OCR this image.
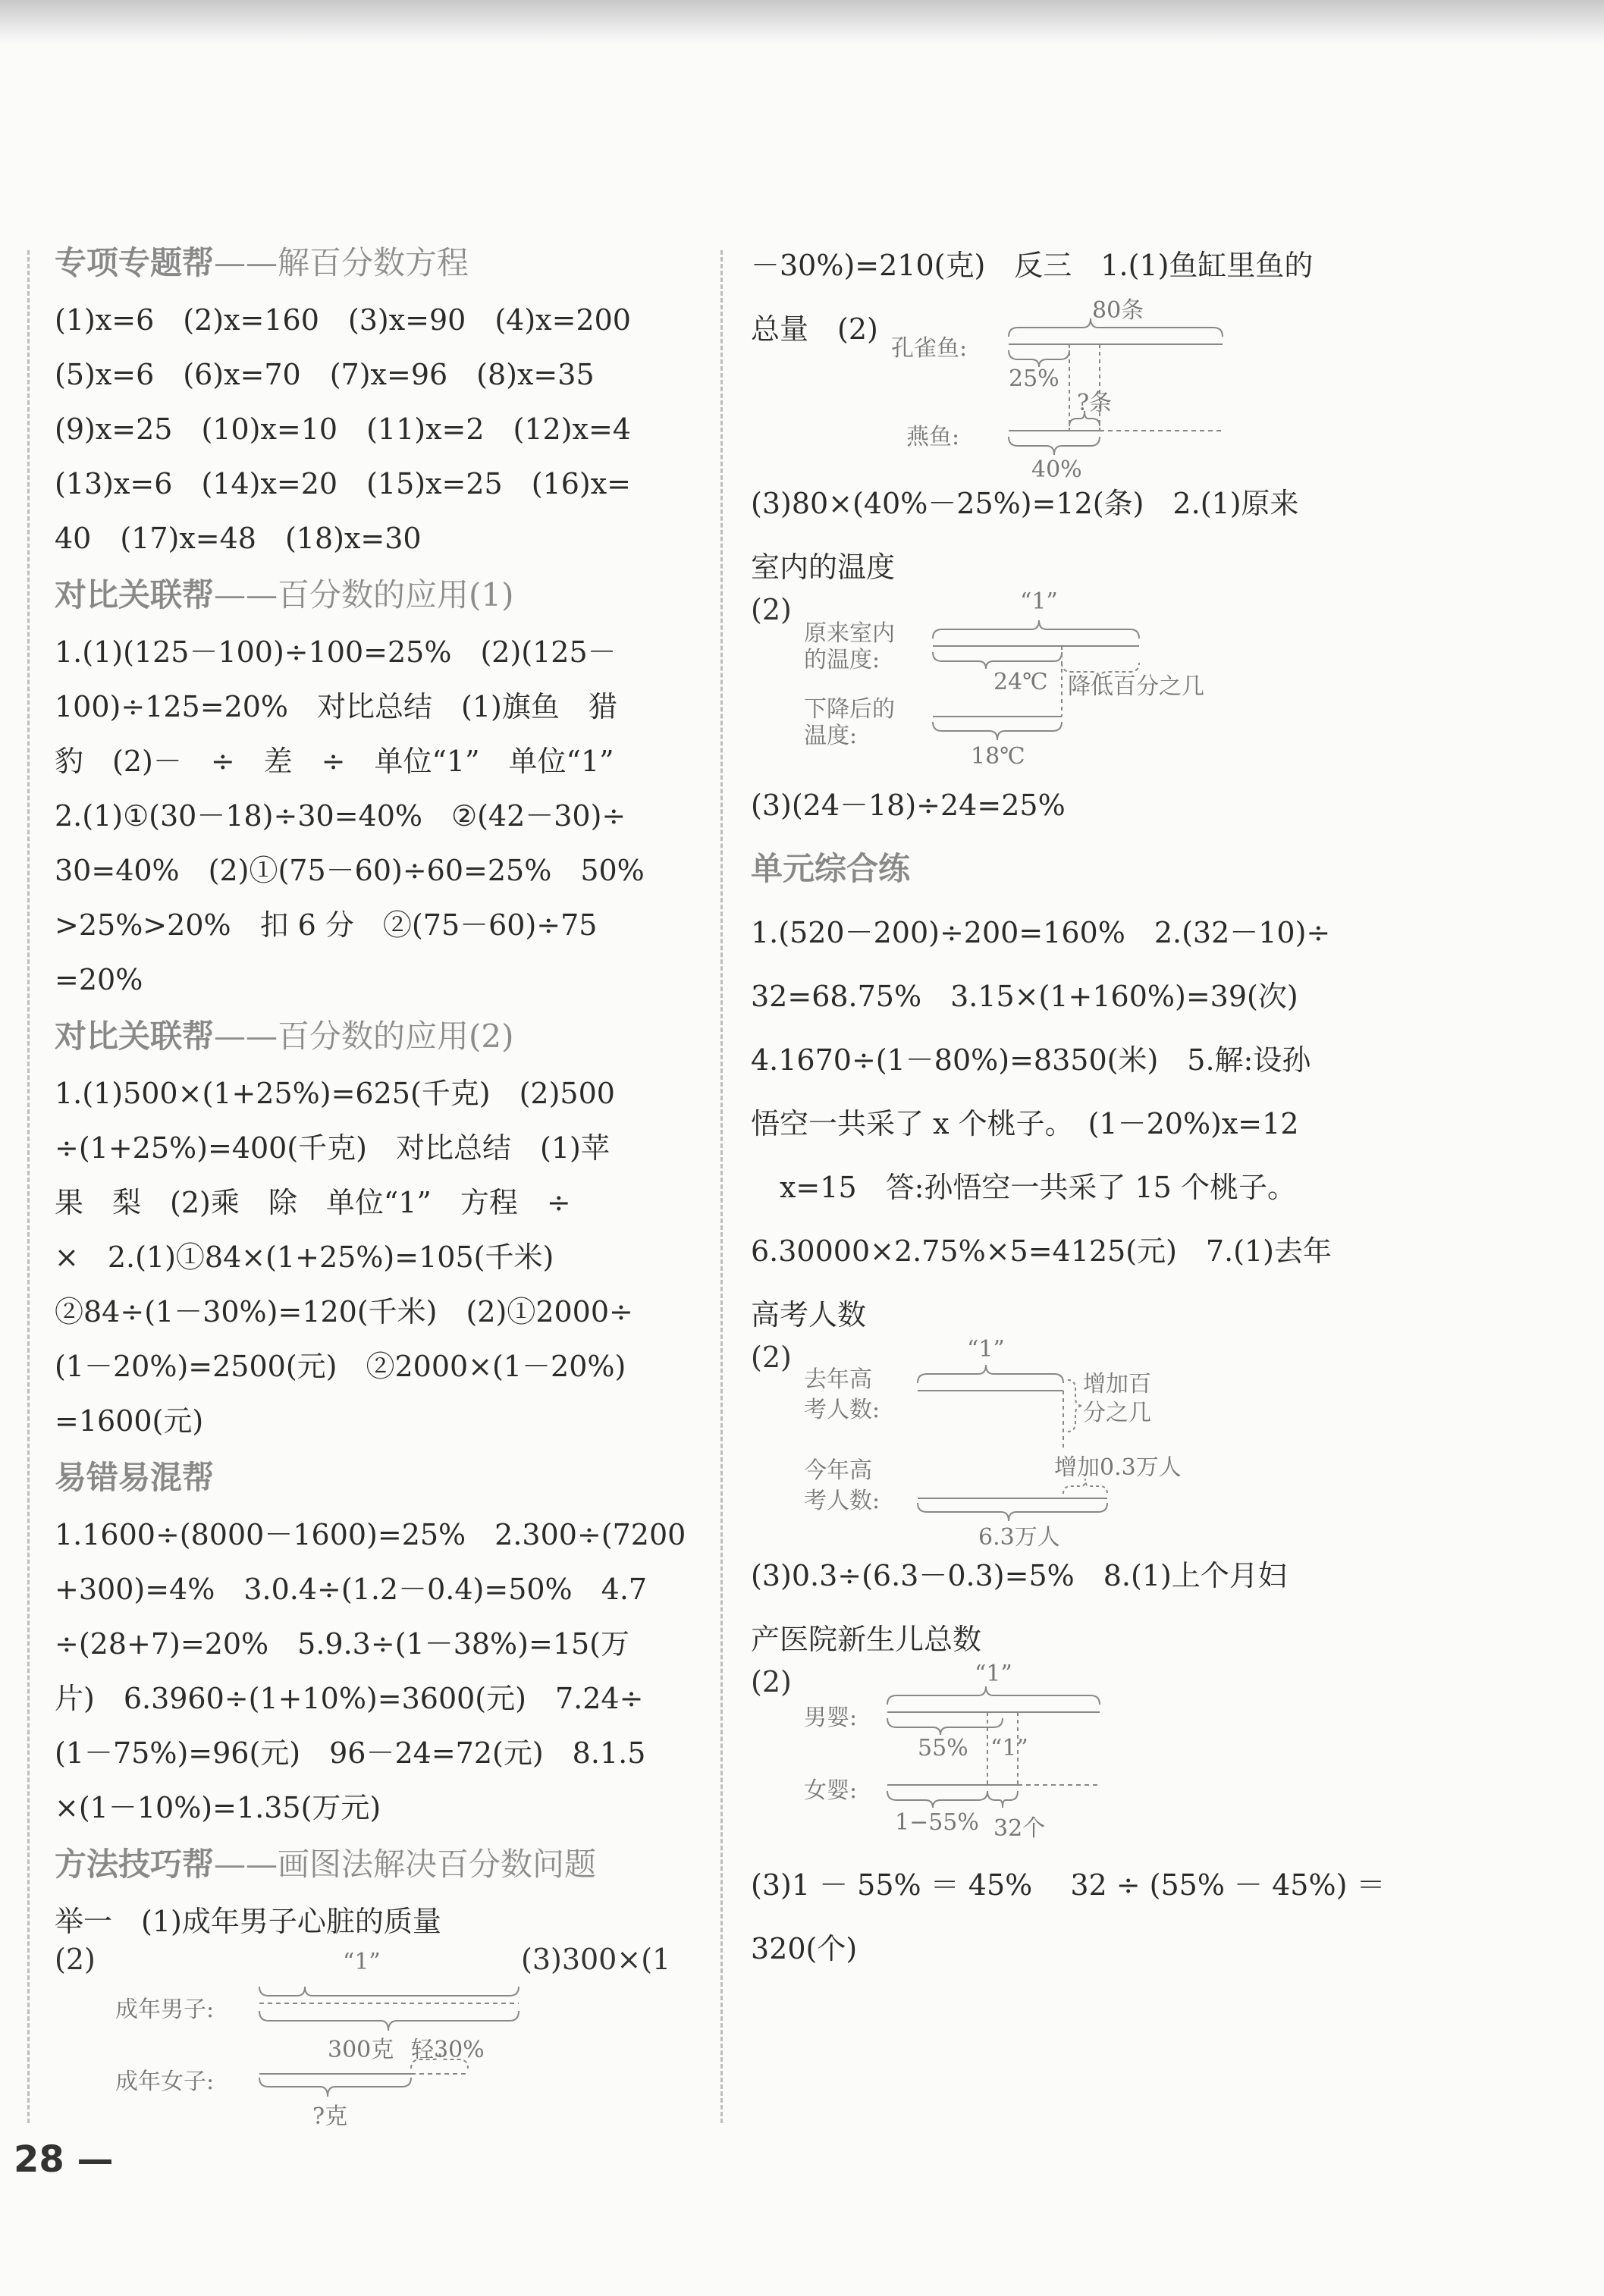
专项专题帮——解百分数方程
(1)x=6　(2)x=160　(3)x=90　(4)x=200
(5)x=6　(6)x=70　(7)x=96　(8)x=35
(9)x=25　(10)x=10　(11)x=2　(12)x=4
(13)x=6　(14)x=20　(15)x=25　(16)x=
40　(17)x=48　(18)x=30
对比关联帮——百分数的应用(1)
1.(1)(125－100)÷100=25%　(2)(125－
100)÷125=20%　对比总结　(1)旗鱼　猎
豹　(2)－　÷　差　÷　单位“1”　单位“1”
2.(1)①(30－18)÷30=40%　②(42－30)÷
30=40%　(2)①(75－60)÷60=25%　50%
>25%>20%　扣 6 分　②(75－60)÷75
=20%
对比关联帮——百分数的应用(2)
1.(1)500×(1+25%)=625(千克)　(2)500
÷(1+25%)=400(千克)　对比总结　(1)苹
果　梨　(2)乘　除　单位“1”　方程　÷
×　2.(1)①84×(1+25%)=105(千米)
②84÷(1－30%)=120(千米)　(2)①2000÷
(1－20%)=2500(元)　②2000×(1－20%)
=1600(元)
易错易混帮
1.1600÷(8000－1600)=25%　2.300÷(7200
+300)=4%　3.0.4÷(1.2－0.4)=50%　4.7
÷(28+7)=20%　5.9.3÷(1－38%)=15(万
片)　6.3960÷(1+10%)=3600(元)　7.24÷
(1－75%)=96(元)　96－24=72(元)　8.1.5
×(1－10%)=1.35(万元)
方法技巧帮——画图法解决百分数问题
举一　(1)成年男子心脏的质量
(2)	(3)300×(1
“1”
成年男子:
成年女子:
300克 轻30%
?克
－30%)=210(克)　反三　1.(1)鱼缸里鱼的
总量　(2)
80条
孔雀鱼:
燕鱼:
25%
?条
40%
(3)80×(40%－25%)=12(条)　2.(1)原来
室内的温度
(2)	“1”
原来室内
的温度:
下降后的
温度:
24℃ 降低百分之几
18℃
(3)(24－18)÷24=25%
单元综合练
1.(520－200)÷200=160%　2.(32－10)÷
32=68.75%　3.15×(1+160%)=39(次)
4.1670÷(1－80%)=8350(米)　5.解:设孙
悟空一共采了 x 个桃子。　(1－20%)x=12
　x=15　答:孙悟空一共采了 15 个桃子。
6.30000×2.75%×5=4125(元)　7.(1)去年
高考人数
(2)	“1”
去年高
考人数:
今年高
考人数:
增加百
分之几
增加0.3万人
6.3万人
(3)0.3÷(6.3－0.3)=5%　8.(1)上个月妇
产医院新生儿总数
(2)	“1”
男婴:
女婴:
55% “1”
1−55% 32个
(3)1 － 55% ＝ 45%　 32 ÷ (55% － 45%) ＝
320(个)
28 —
